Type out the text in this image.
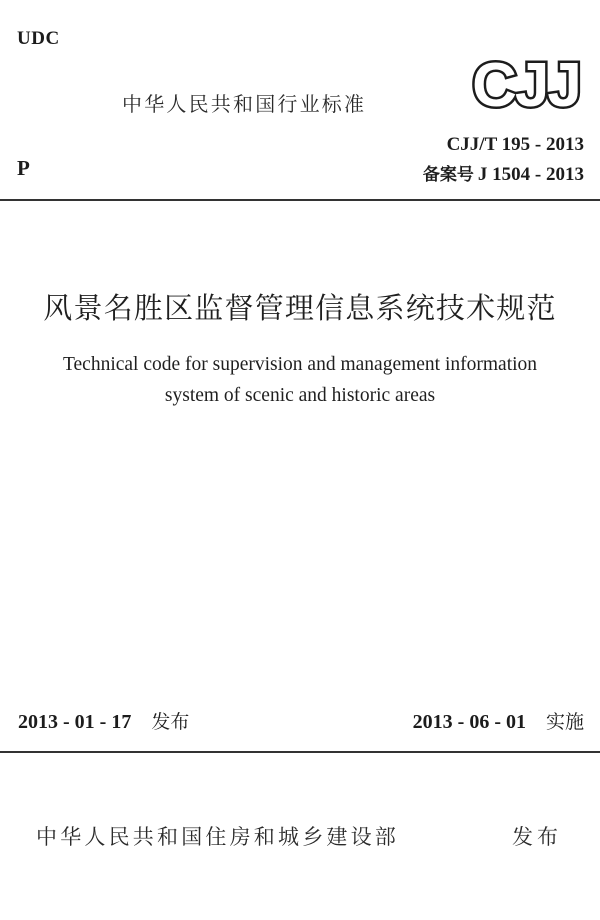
UDC
中华人民共和国行业标准 CJJ
CJJ/T 195 - 2013
P	备案号 J 1504 - 2013
风景名胜区监督管理信息系统技术规范
Technical code for supervision and management information
system of scenic and historic areas
2013 - 01 - 17 发布	2013 - 06 - 01 实施
中华人民共和国住房和城乡建设部	发布
